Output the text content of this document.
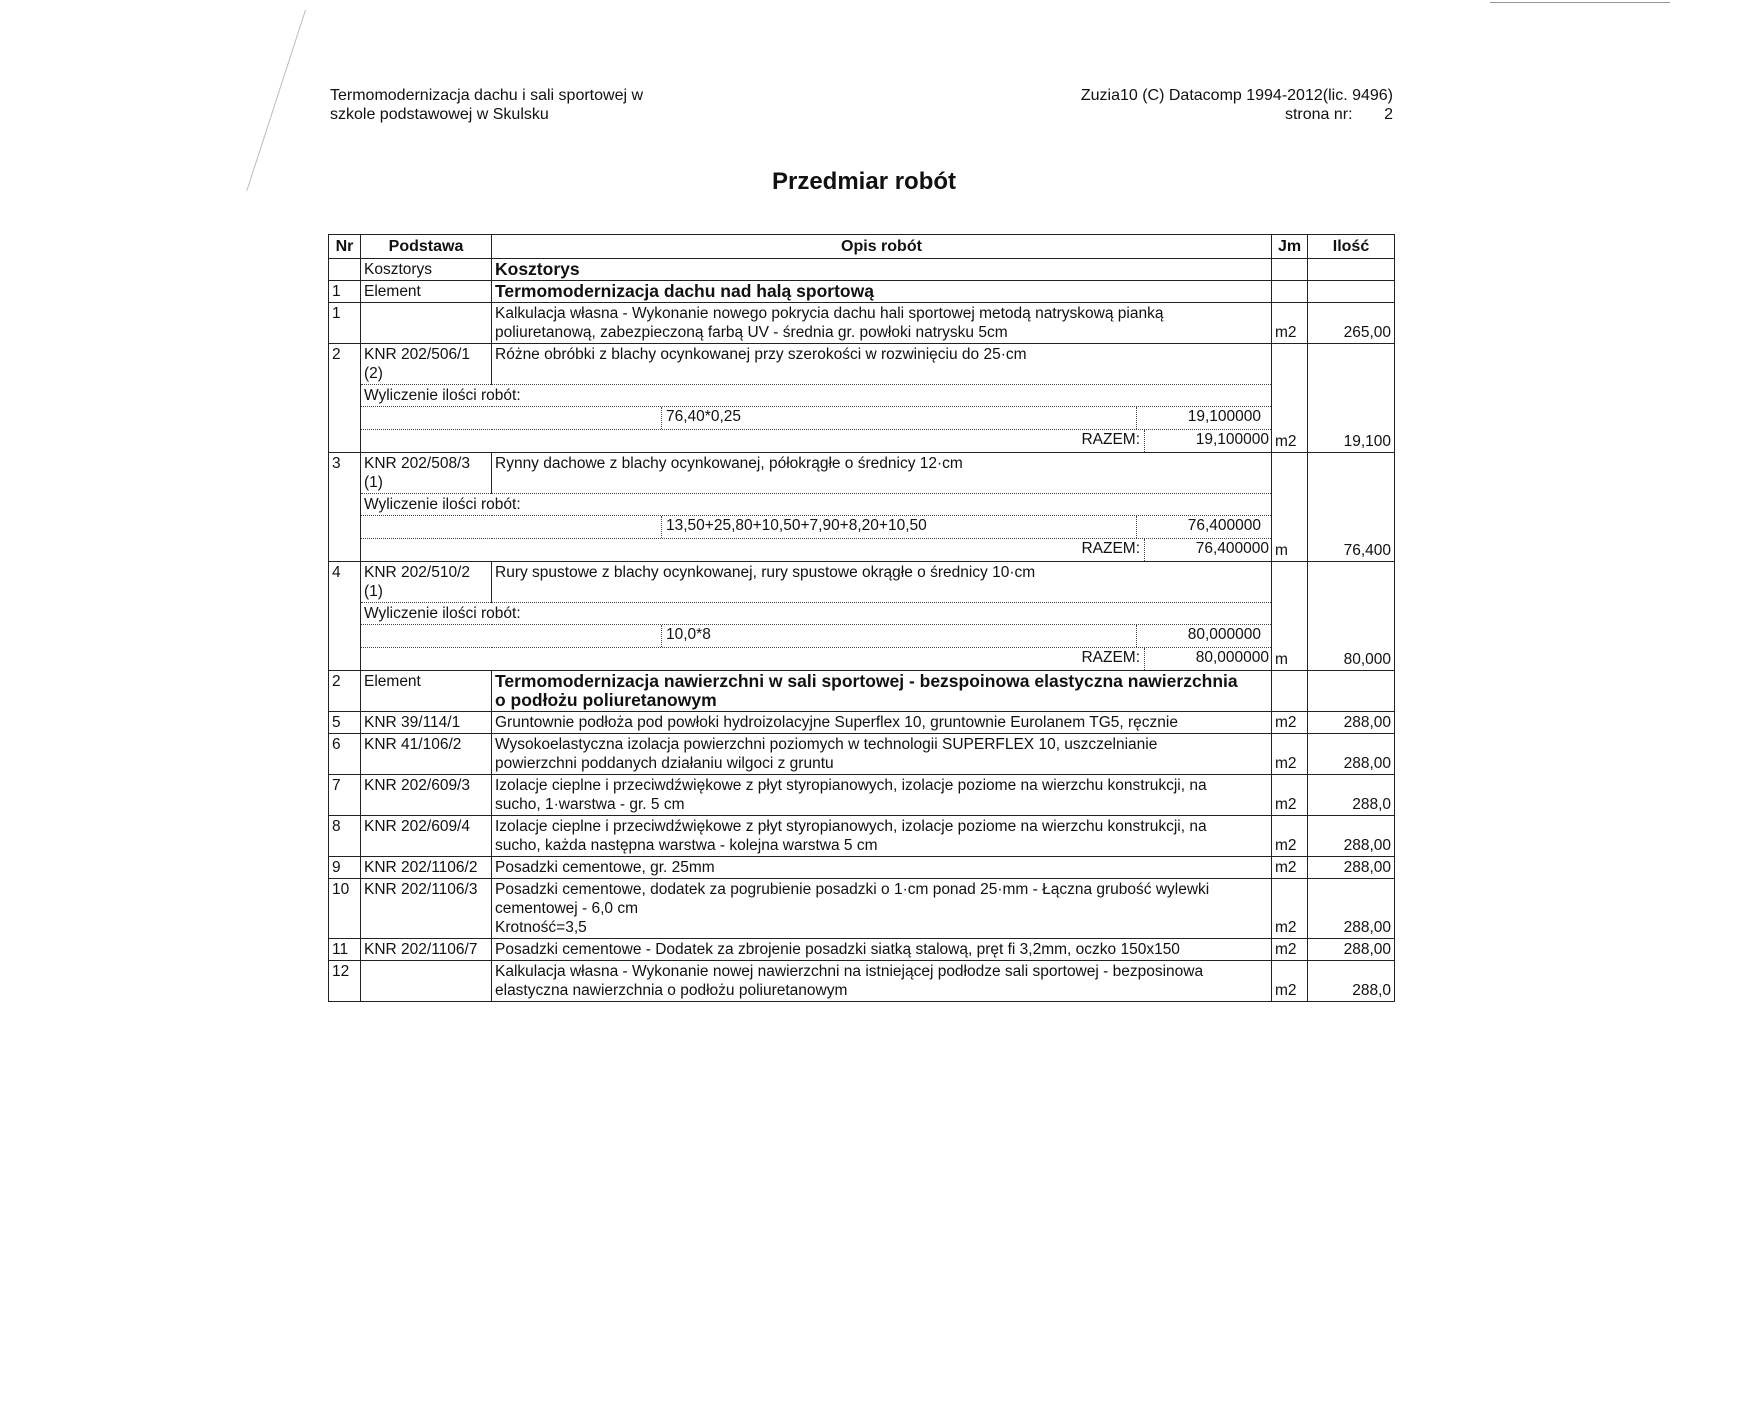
Termomodernizacja dachu i sali sportowej w
szkole podstawowej w Skulsku
Zuzia10 (C) Datacomp 1994-2012(lic. 9496)
strona nr: 2
Przedmiar robót
Nr	Podstawa	Opis robót	Jm	Ilość
	Kosztorys	Kosztorys		
1	Element	Termomodernizacja dachu nad halą sportową		
1		Kalkulacja własna - Wykonanie nowego pokrycia dachu hali sportowej metodą natryskową pianką
poliuretanową, zabezpieczoną farbą UV - średnia gr. powłoki natrysku 5cm	m2	265,00
2	KNR 202/506/1
(2)	Różne obróbki z blachy ocynkowanej przy szerokości w rozwinięciu do 25·cm	m2	19,100
	Wyliczenie ilości robót:			

	76,40*0,25 19,100000			

	RAZEM: 19,100000			

3	KNR 202/508/3
(1)	Rynny dachowe z blachy ocynkowanej, półokrągłe o średnicy 12·cm	m	76,400
	Wyliczenie ilości robót:			

	13,50+25,80+10,50+7,90+8,20+10,50 76,400000			

	RAZEM: 76,400000			

4	KNR 202/510/2
(1)	Rury spustowe z blachy ocynkowanej, rury spustowe okrągłe o średnicy 10·cm	m	80,000
	Wyliczenie ilości robót:			

	10,0*8 80,000000			

	RAZEM: 80,000000			

2	Element	Termomodernizacja nawierzchni w sali sportowej - bezspoinowa elastyczna nawierzchnia
o podłożu poliuretanowym		

5	KNR 39/114/1	Gruntownie podłoża pod powłoki hydroizolacyjne Superflex 10, gruntownie Eurolanem TG5, ręcznie	m2	288,00
6	KNR 41/106/2	Wysokoelastyczna izolacja powierzchni poziomych w technologii SUPERFLEX 10, uszczelnianie
powierzchni poddanych działaniu wilgoci z gruntu	m2	288,00
7	KNR 202/609/3	Izolacje cieplne i przeciwdźwiękowe z płyt styropianowych, izolacje poziome na wierzchu konstrukcji, na
sucho, 1·warstwa - gr. 5 cm	m2	288,0
8	KNR 202/609/4	Izolacje cieplne i przeciwdźwiękowe z płyt styropianowych, izolacje poziome na wierzchu konstrukcji, na
sucho, każda następna warstwa - kolejna warstwa 5 cm	m2	288,00
9	KNR 202/1106/2	Posadzki cementowe, gr. 25mm	m2	288,00
10	KNR 202/1106/3	Posadzki cementowe, dodatek za pogrubienie posadzki o 1·cm ponad 25·mm - Łączna grubość wylewki
cementowej - 6,0 cm
Krotność=3,5	m2	288,00
11	KNR 202/1106/7	Posadzki cementowe - Dodatek za zbrojenie posadzki siatką stalową, pręt fi 3,2mm, oczko 150x150	m2	288,00
12		Kalkulacja własna - Wykonanie nowej nawierzchni na istniejącej podłodze sali sportowej - bezposinowa
elastyczna nawierzchnia o podłożu poliuretanowym	m2	288,0
